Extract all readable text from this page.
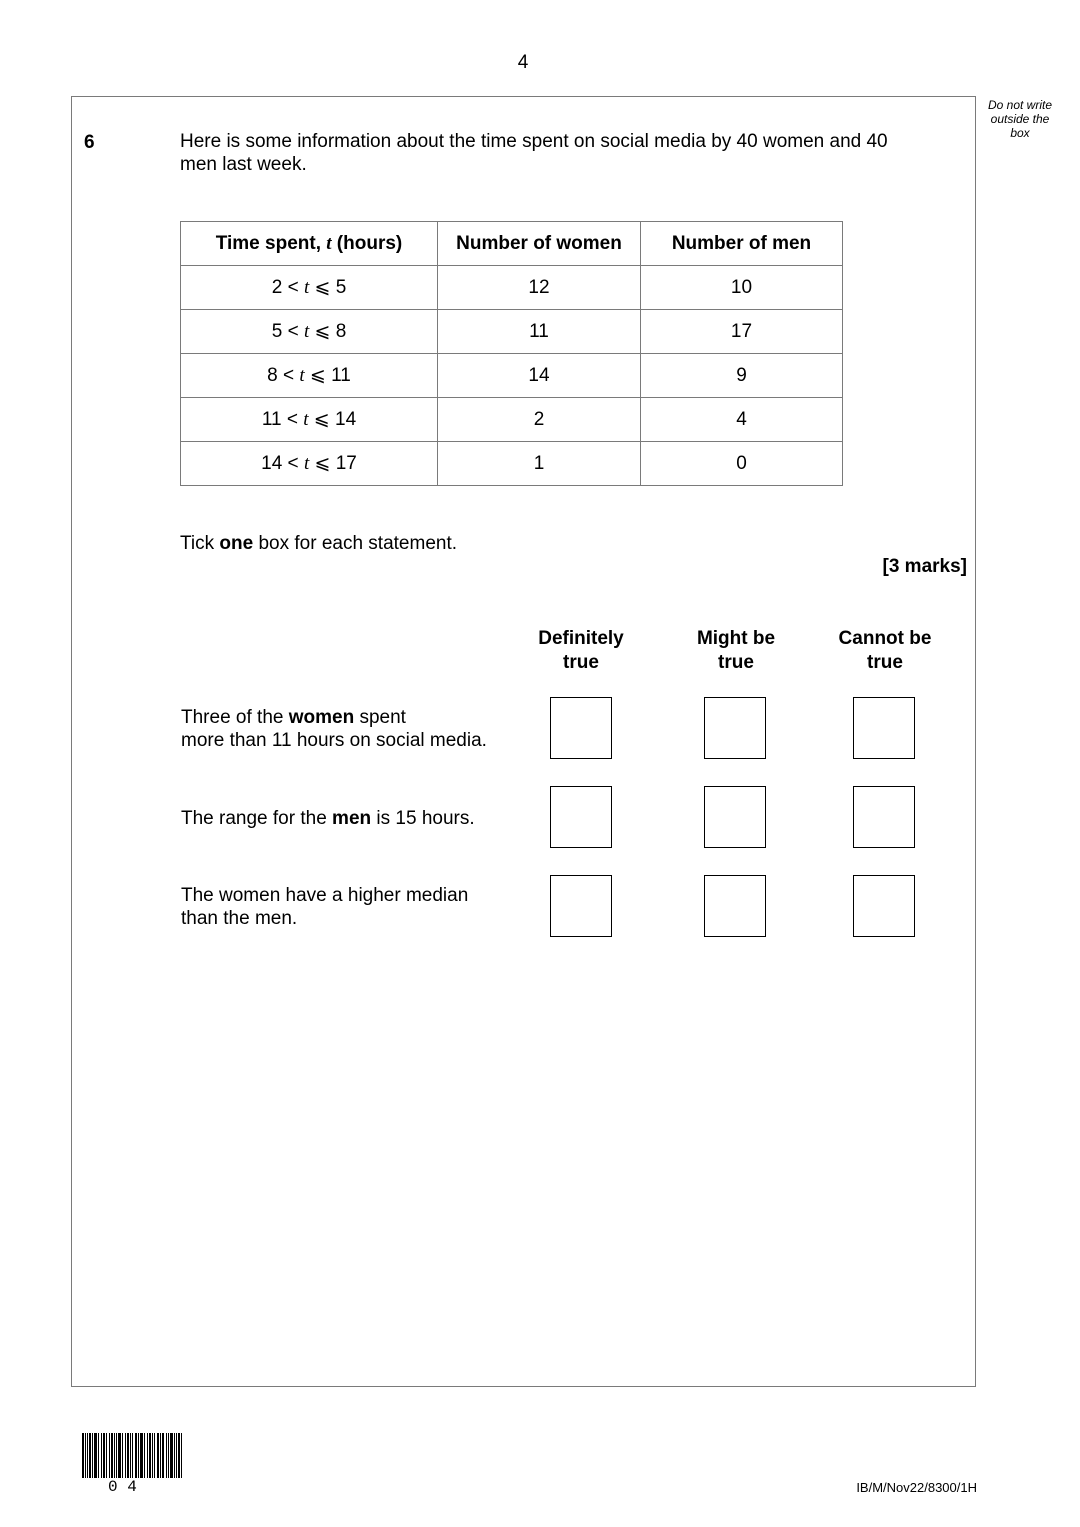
4
Do not write outside the box
6	Here is some information about the time spent on social media by 40 women and 40 men last week.
Time spent, t (hours)	Number of women	Number of men
2 < t ⩽ 5	12	10
5 < t ⩽ 8	11	17
8 < t ⩽ 11	14	9
11 < t ⩽ 14	2	4
14 < t ⩽ 17	1	0
Tick one box for each statement.
[3 marks]
Definitely
true
Might be
true
Cannot be
true
Three of the women spent
more than 11 hours on social media.
The range for the men is 15 hours.
The women have a higher median
than the men.
0 4	IB/M/Nov22/8300/1H
